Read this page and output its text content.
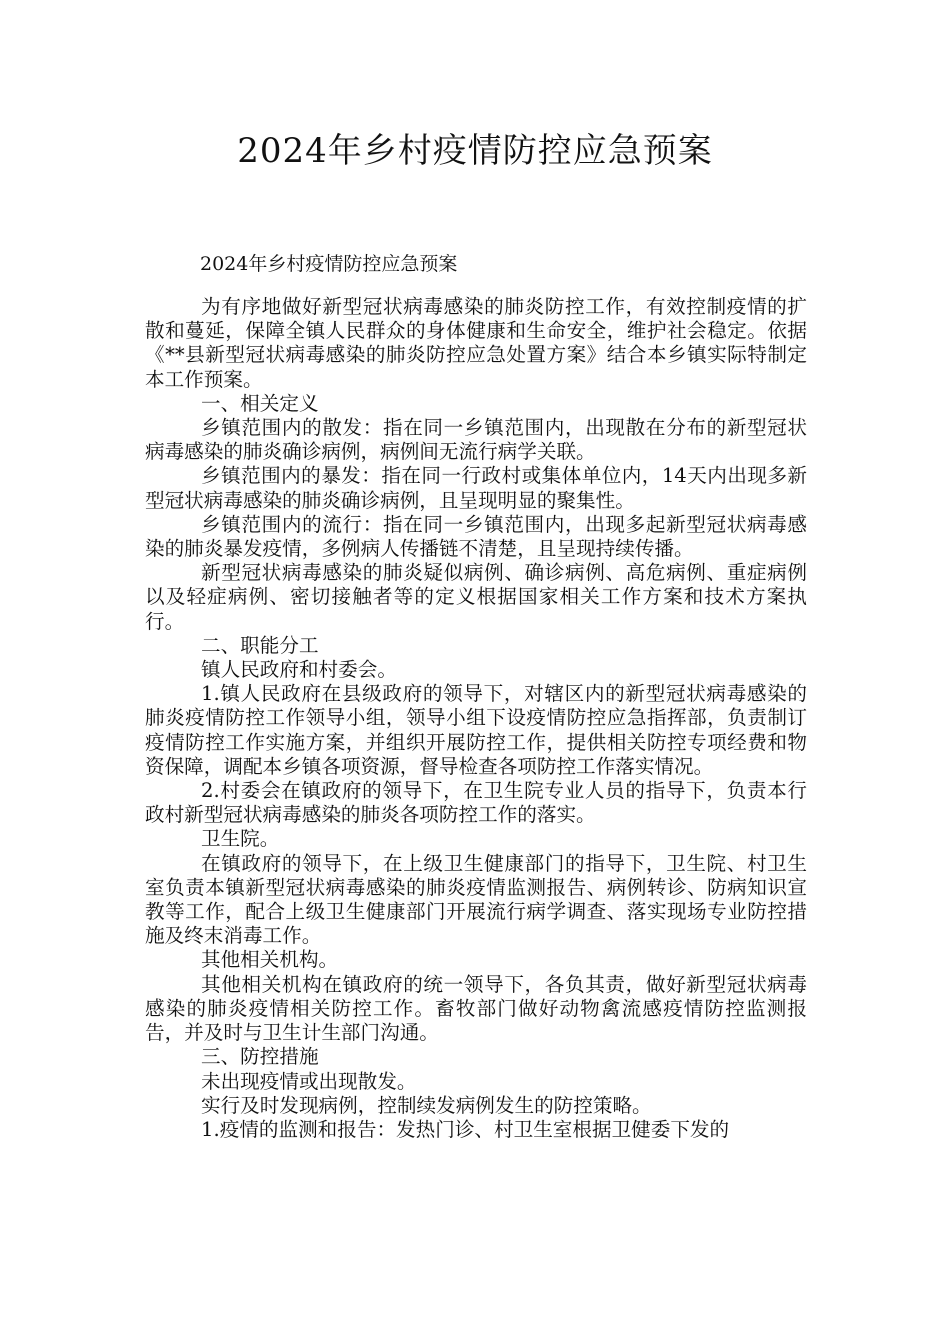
2024年乡村疫情防控应急预案

2024年乡村疫情防控应急预案

为有序地做好新型冠状病毒感染的肺炎防控工作，有效控制疫情的扩散和蔓延，保障全镇人民群众的身体健康和生命安全，维护社会稳定。依据《**县新型冠状病毒感染的肺炎防控应急处置方案》结合本乡镇实际特制定本工作预案。

一、相关定义

乡镇范围内的散发：指在同一乡镇范围内，出现散在分布的新型冠状病毒感染的肺炎确诊病例，病例间无流行病学关联。

乡镇范围内的暴发：指在同一行政村或集体单位内，14天内出现多新型冠状病毒感染的肺炎确诊病例，且呈现明显的聚集性。

乡镇范围内的流行：指在同一乡镇范围内，出现多起新型冠状病毒感染的肺炎暴发疫情，多例病人传播链不清楚，且呈现持续传播。

新型冠状病毒感染的肺炎疑似病例、确诊病例、高危病例、重症病例以及轻症病例、密切接触者等的定义根据国家相关工作方案和技术方案执行。

二、职能分工

镇人民政府和村委会。

1.镇人民政府在县级政府的领导下，对辖区内的新型冠状病毒感染的肺炎疫情防控工作领导小组，领导小组下设疫情防控应急指挥部，负责制订疫情防控工作实施方案，并组织开展防控工作，提供相关防控专项经费和物资保障，调配本乡镇各项资源，督导检查各项防控工作落实情况。

2.村委会在镇政府的领导下，在卫生院专业人员的指导下，负责本行政村新型冠状病毒感染的肺炎各项防控工作的落实。

卫生院。

在镇政府的领导下，在上级卫生健康部门的指导下，卫生院、村卫生室负责本镇新型冠状病毒感染的肺炎疫情监测报告、病例转诊、防病知识宣教等工作，配合上级卫生健康部门开展流行病学调查、落实现场专业防控措施及终末消毒工作。

其他相关机构。

其他相关机构在镇政府的统一领导下，各负其责，做好新型冠状病毒感染的肺炎疫情相关防控工作。畜牧部门做好动物禽流感疫情防控监测报告，并及时与卫生计生部门沟通。

三、防控措施

未出现疫情或出现散发。

实行及时发现病例，控制续发病例发生的防控策略。

1.疫情的监测和报告：发热门诊、村卫生室根据卫健委下发的
